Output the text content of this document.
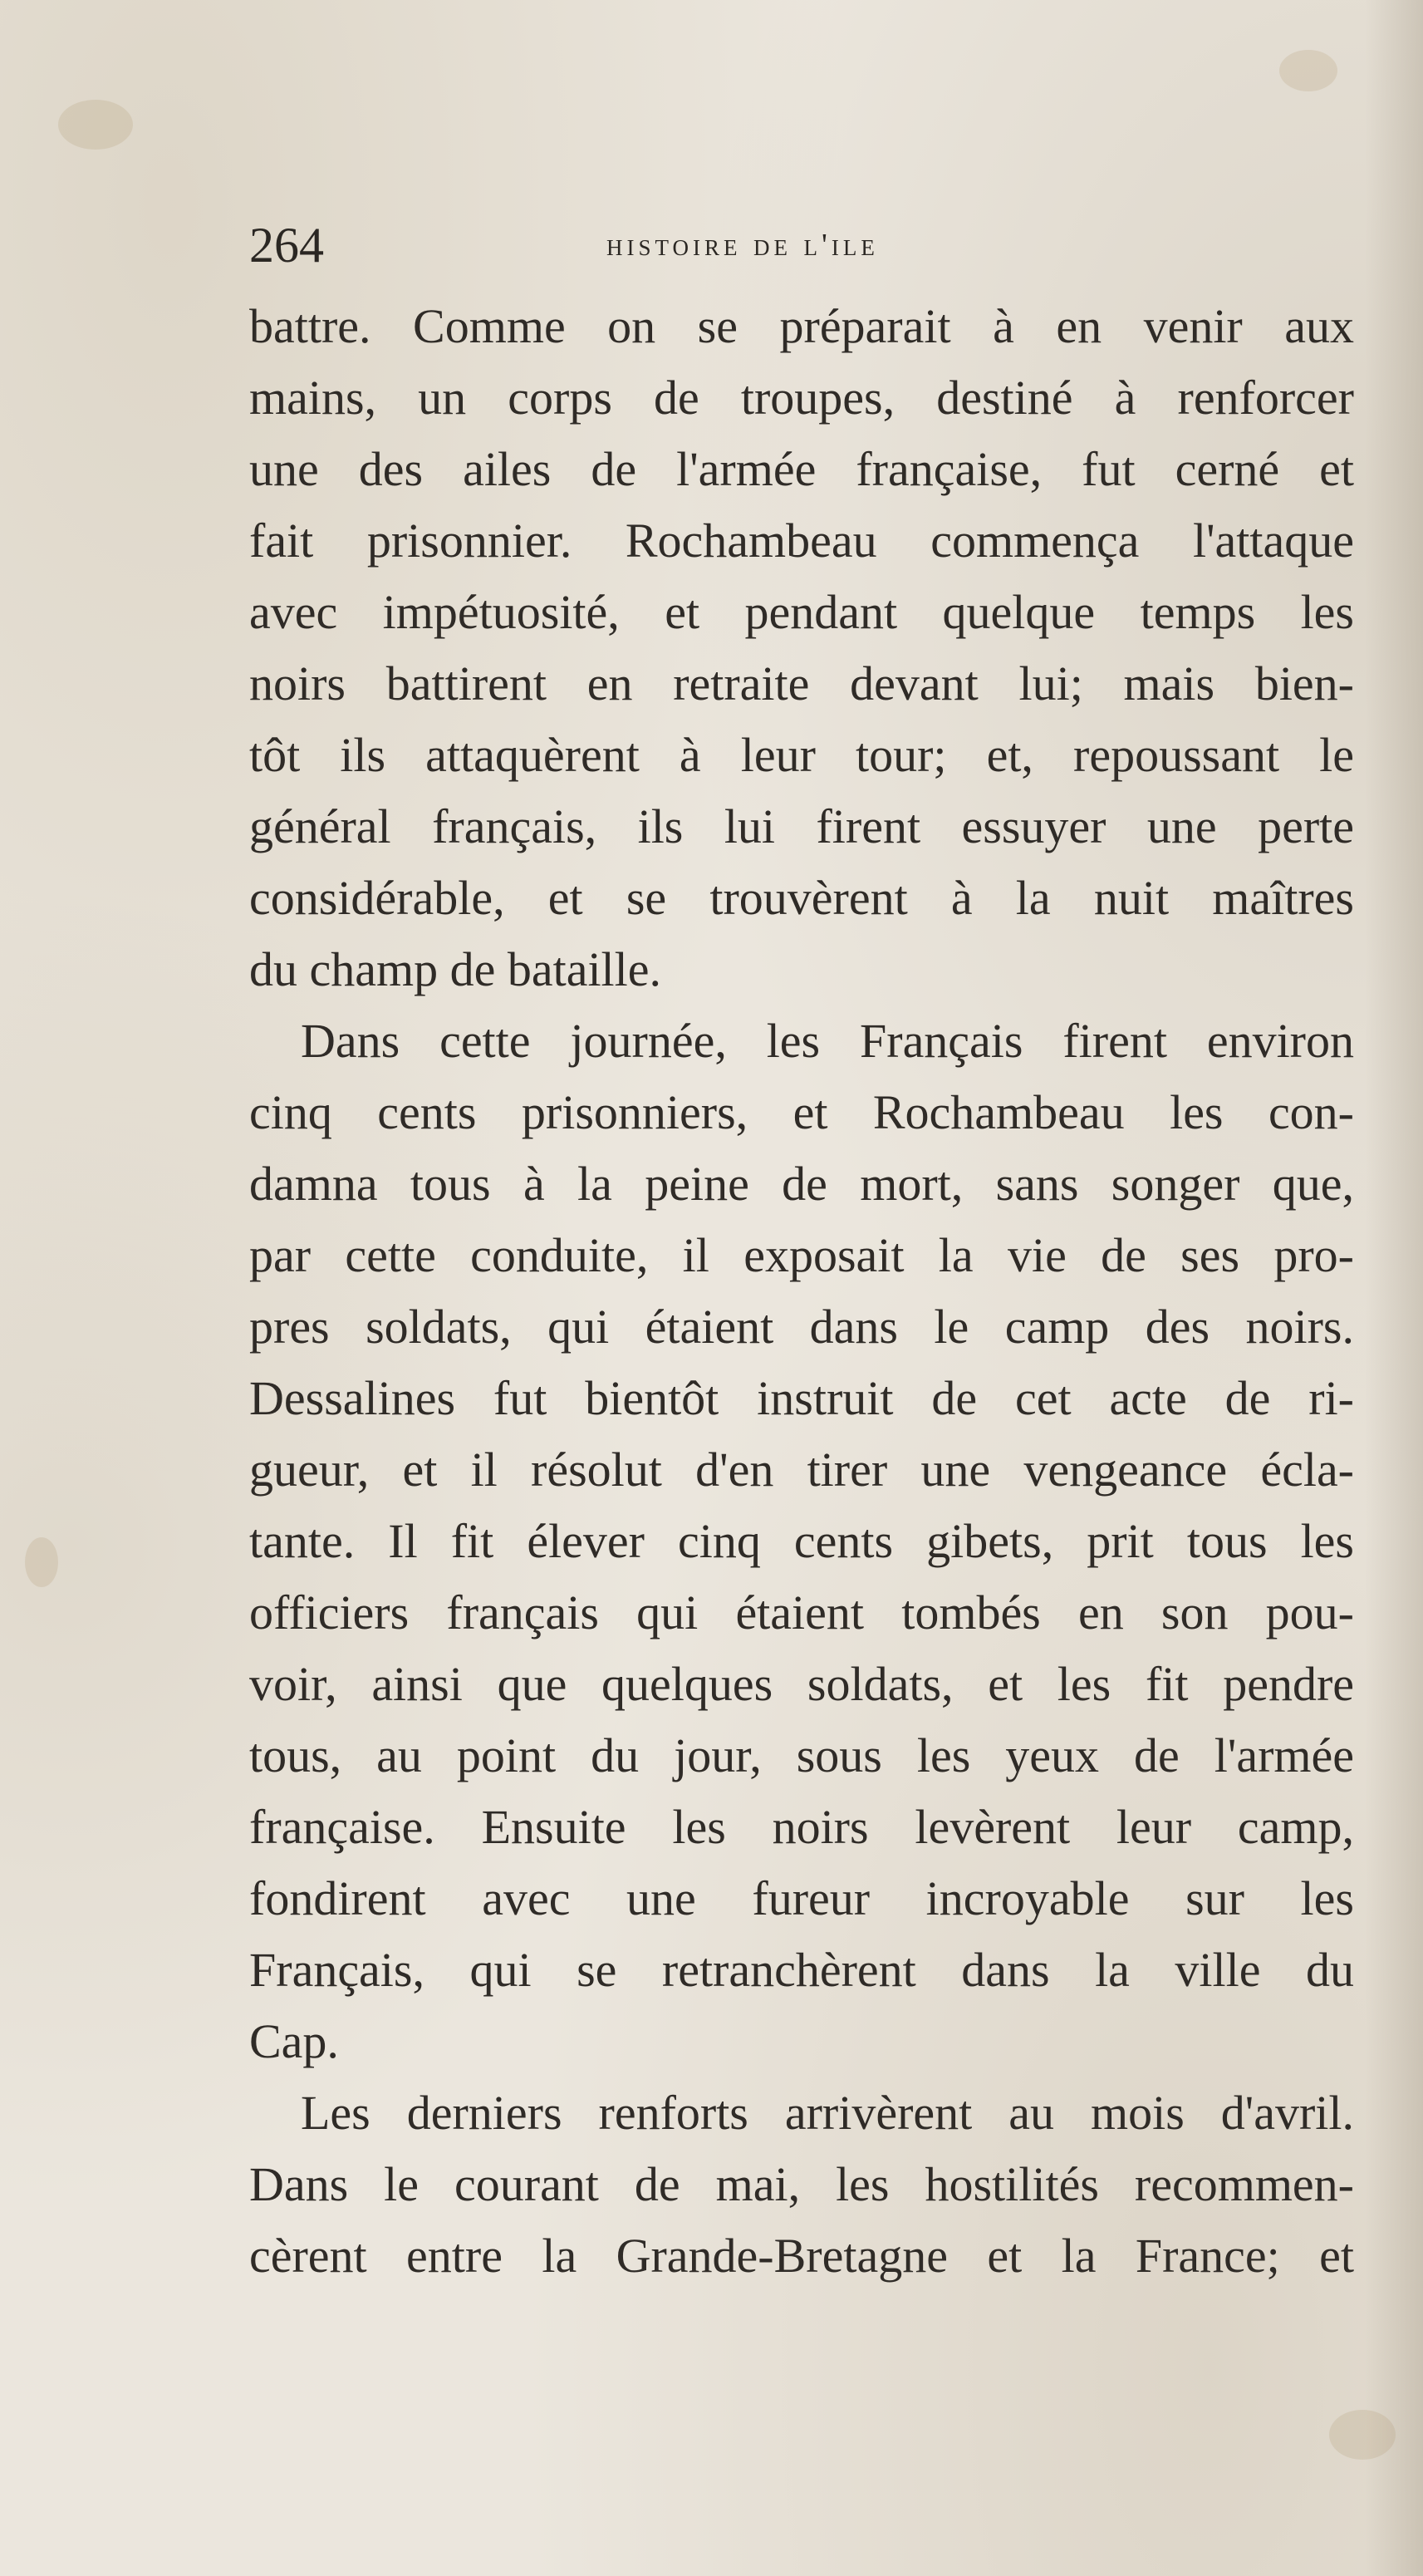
264	histoire de l'ile
battre. Comme on se préparait à en venir aux
mains, un corps de troupes, destiné à renforcer
une des ailes de l'armée française, fut cerné et
fait prisonnier. Rochambeau commença l'attaque
avec impétuosité, et pendant quelque temps les
noirs battirent en retraite devant lui; mais bien-
tôt ils attaquèrent à leur tour; et, repoussant le
général français, ils lui firent essuyer une perte
considérable, et se trouvèrent à la nuit maîtres
du champ de bataille.
Dans cette journée, les Français firent environ
cinq cents prisonniers, et Rochambeau les con-
damna tous à la peine de mort, sans songer que,
par cette conduite, il exposait la vie de ses pro-
pres soldats, qui étaient dans le camp des noirs.
Dessalines fut bientôt instruit de cet acte de ri-
gueur, et il résolut d'en tirer une vengeance écla-
tante. Il fit élever cinq cents gibets, prit tous les
officiers français qui étaient tombés en son pou-
voir, ainsi que quelques soldats, et les fit pendre
tous, au point du jour, sous les yeux de l'armée
française. Ensuite les noirs levèrent leur camp,
fondirent avec une fureur incroyable sur les
Français, qui se retranchèrent dans la ville du
Cap.
Les derniers renforts arrivèrent au mois d'avril.
Dans le courant de mai, les hostilités recommen-
cèrent entre la Grande-Bretagne et la France; et
